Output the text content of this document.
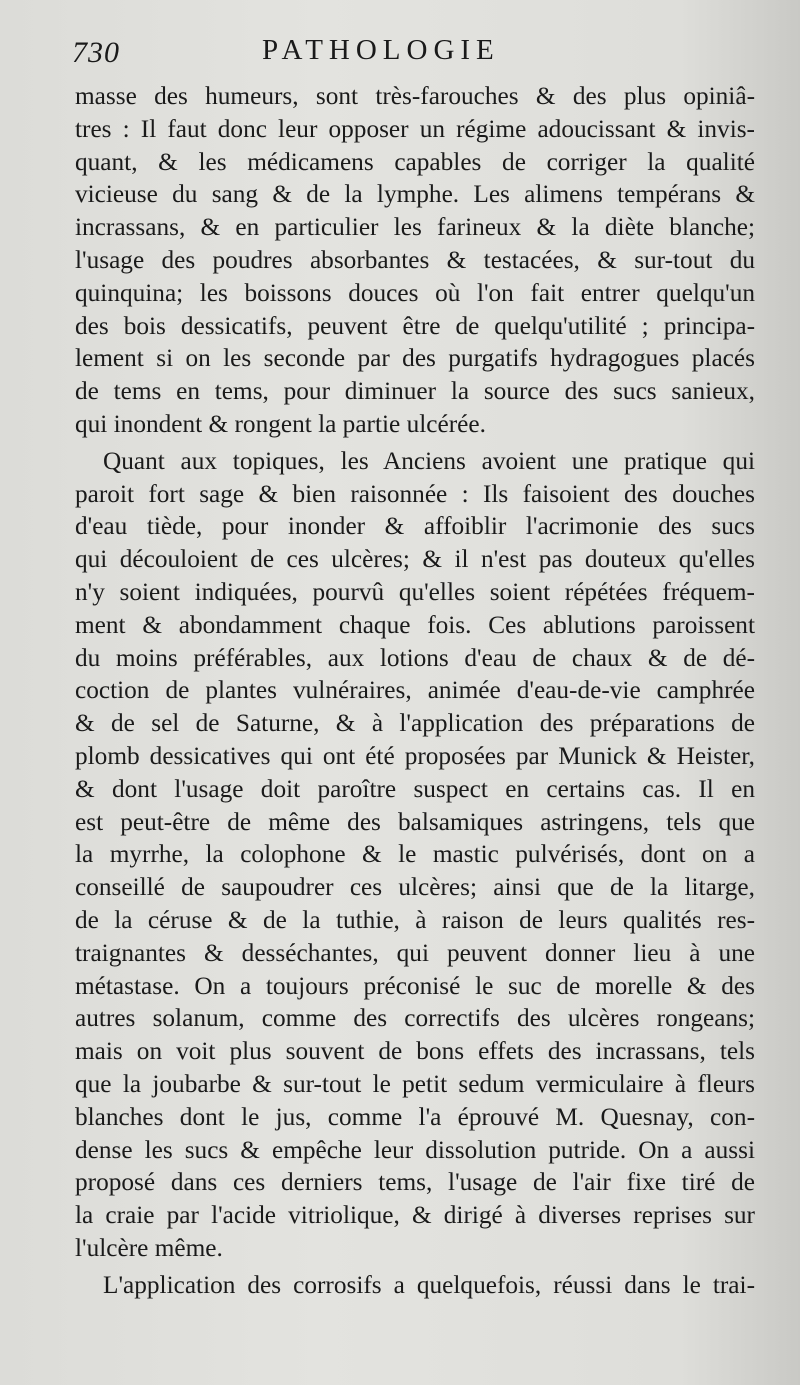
730	PATHOLOGIE
masse des humeurs, sont très-farouches & des plus opiniâ-
tres : Il faut donc leur opposer un régime adoucissant & invis-
quant, & les médicamens capables de corriger la qualité
vicieuse du sang & de la lymphe. Les alimens tempérans &
incrassans, & en particulier les farineux & la diète blanche;
l'usage des poudres absorbantes & testacées, & sur-tout du
quinquina; les boissons douces où l'on fait entrer quelqu'un
des bois dessicatifs, peuvent être de quelqu'utilité ; principa-
lement si on les seconde par des purgatifs hydragogues placés
de tems en tems, pour diminuer la source des sucs sanieux,
qui inondent & rongent la partie ulcérée.
Quant aux topiques, les Anciens avoient une pratique qui
paroit fort sage & bien raisonnée : Ils faisoient des douches
d'eau tiède, pour inonder & affoiblir l'acrimonie des sucs
qui découloient de ces ulcères; & il n'est pas douteux qu'elles
n'y soient indiquées, pourvû qu'elles soient répétées fréquem-
ment & abondamment chaque fois. Ces ablutions paroissent
du moins préférables, aux lotions d'eau de chaux & de dé-
coction de plantes vulnéraires, animée d'eau-de-vie camphrée
& de sel de Saturne, & à l'application des préparations de
plomb dessicatives qui ont été proposées par Munick & Heister,
& dont l'usage doit paroître suspect en certains cas. Il en
est peut-être de même des balsamiques astringens, tels que
la myrrhe, la colophone & le mastic pulvérisés, dont on a
conseillé de saupoudrer ces ulcères; ainsi que de la litarge,
de la céruse & de la tuthie, à raison de leurs qualités res-
traignantes & desséchantes, qui peuvent donner lieu à une
métastase. On a toujours préconisé le suc de morelle & des
autres solanum, comme des correctifs des ulcères rongeans;
mais on voit plus souvent de bons effets des incrassans, tels
que la joubarbe & sur-tout le petit sedum vermiculaire à fleurs
blanches dont le jus, comme l'a éprouvé M. Quesnay, con-
dense les sucs & empêche leur dissolution putride. On a aussi
proposé dans ces derniers tems, l'usage de l'air fixe tiré de
la craie par l'acide vitriolique, & dirigé à diverses reprises sur
l'ulcère même.
L'application des corrosifs a quelquefois, réussi dans le trai-
